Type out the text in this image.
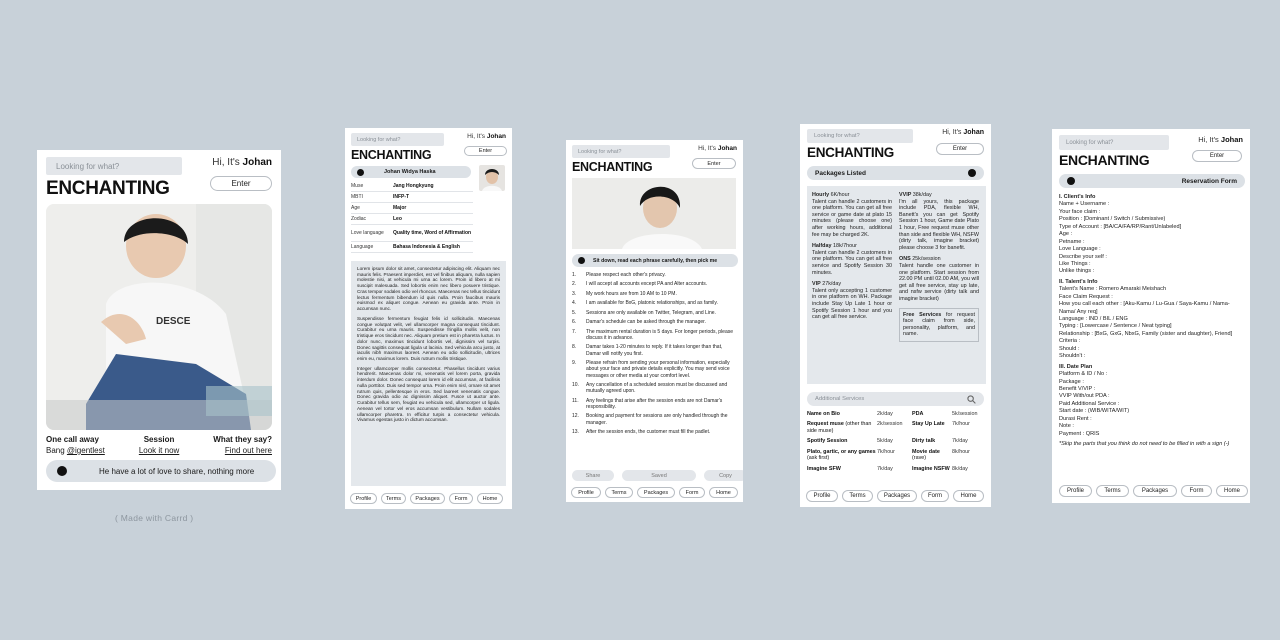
Looking for what?	Hi, It's Johan
ENCHANTING	Enter
DESCE
One call away
Bang @igentlest
Session
Look it now
What they say?
Find out here
He have a lot of love to share, nothing more
( Made with Carrd )
Looking for what?	Hi, It's Johan
ENCHANTING	Enter
Johan Widya Haska
Muse	Jang Hongkyung
MBTI	INFP-T
Age	Major
Zodiac	Leo
Love language	Quality time, Word of Affirmation
Language	Bahasa Indonesia & English

Lorem ipsum dolor sit amet, consectetur adipiscing elit. Aliquam nec mauris felis. Praesent imperdiet, est vel finibus aliquam, nulla sapien molestie nisi, at vehicula mi urna ac lorem. Proin id libero at mi suscipit malesuada. Sed lobortis enim nec libero posuere tristique. Cras tempor sodales odio vel rhoncus. Maecenas nec tellus tincidunt lectus fermentum bibendum id quis nulla. Proin faucibus mauris euismod ex aliquet congue. Aenean eu gravida ante. Proin in accumsan nunc.

Suspendisse fermentum feugiat felis id sollicitudin. Maecenas congue volutpat velit, vel ullamcorper magna consequat tincidunt. Curabitur eu urna mauris. Suspendisse fringilla mollis velit, non tristique eros tincidunt nec. Aliquam pretium est in pharetra luctus. In dolor nunc, maximus tincidunt lobortis vel, dignissim vel turpis. Donec sagittis consequat ligula ut lacinia. Sed vehicula arcu justo, at iaculis nibh maximus laoreet. Aenean eu odio sollicitudin, ultrices enim eu, maximus lorem. Duis rutrum mollis tristique.

Integer ullamcorper mollis consectetur. Phasellus tincidunt varius hendrerit. Maecenas dolor mi, venenatis vel lorem porta, gravida interdum dolor. Donec consequat lorem id elit accumsan, at facilisis nulla porttitor. Duis sed tempor urna. Proin enim nisl, ornare sit amet rutrum quis, pellentesque in eros. Sed laoreet venenatis congue. Donec gravida odio ac dignissim aliquet. Fusce ut auctor ante. Curabitur tellus sem, feugiat eu vehicula sed, ullamcorper ut ligula. Aenean vel tortor vel eros accumsan vestibulum. Nullam sodales ullamcorper pharetra. In efficitur turpis a consectetur vehicula. Vivamus egestas justo in dictum accumsan.

Profile	Terms	Packages	Form	Home
Looking for what?	Hi, It's Johan
ENCHANTING	Enter
Sit down, read each phrase carefully, then pick me
1.	Please respect each other's privacy.
2.	I will accept all accounts except PA and Alter accounts.
3.	My work hours are from 10 AM to 10 PM.
4.	I am available for BxG, platonic relationships, and as family.
5.	Sessions are only available on Twitter, Telegram, and Line.
6.	Damar's schedule can be asked through the manager.
7.	The maximum rental duration is 5 days. For longer periods, please discuss it in advance.
8.	Damar takes 1-20 minutes to reply. If it takes longer than that, Damar will notify you first.
9.	Please refrain from sending your personal information, especially about your face and private details explicitly. You may send voice messages or other media at your comfort level.
10.	Any cancellation of a scheduled session must be discussed and mutually agreed upon.
11.	Any feelings that arise after the session ends are not Damar's responsibility.
12.	Booking and payment for sessions are only handled through the manager.
13.	After the session ends, the customer must fill the padlet.
Share	Saved	Copy
Profile	Terms	Packages	Form	Home
Looking for what?	Hi, It's Johan
ENCHANTING	Enter
Packages Listed

Hourly 6K/hour
Talent can handle 2 customers in one platform. You can get all free service or game date at plato 15 minutes (please choose one) after working hours, additional fee may be charged 2K.

Halfday 18k/7hour
Talent can handle 2 customers in one platform. You can get all free service and Spotify Session 30 minutes.

VIP 27k/day
Talent only accepting 1 customer in one platform on WH. Package include Stay Up Late 1 hour or Spotify Session 1 hour and you can get all free service.

VVIP 38k/day
I'm all yours, this package include PDA, flexible WH, Banett's you can get Spotify Session 1 hour, Game date Plato 1 hour, Free request muse other than side and flexible WH, NSFW (dirty talk, imagine bracket) please choose 3 for banefit.

ONS 25k/session
Talent handle one customer in one platform. Start session from 22.00 PM until 02.00 AM, you will get all free service, stay up late, and nsfw service (dirty talk and imagine bracket)

Free Services for request face claim from side, personality, platform, and name.
Additional Services
Name on Bio	2k/day	PDA	5k/session
Request muse (other than side muse)
2k/session	Stay Up Late	7k/hour
Spotify Session	5k/day	Dirty talk	7k/day
Plato, gartic, or any games (ask first)
7k/hour	Movie date (rave)
8k/hour
Imagine SFW	7k/day	Imagine NSFW 8k/day
Profile	Terms	Packages	Form	Home
Looking for what?	Hi, It's Johan
ENCHANTING	Enter
Reservation Form
I. Client's Info
Name + Username :
Your face claim :
Position : [Dominant / Switch / Submissive)
Type of Account : [BA/CA/FA/RP/Rant/Unlabeled]
Age :
Petname :
Love Language :
Describe your self :
Like Things :
Unlike things :
II. Talent's Info
Talent's Name : Romero Amaraki Meishach
Face Claim Request :
How you call each other : [Aku-Kamu / Lu-Gua / Saya-Kamu / Nama-Nama/ Any req]
Language : IND / BIL / ENG
Typing : [Lowercase / Sentence / Neat typing]
Relationship : [BxG, GxG, NbxG, Family (sister and daughter), Friend]
Criteria :
Should :
Shouldn't :
III. Date Plan
Platform & ID / No :
Package :
Benefit V/VIP :
VVIP With/out PDA :
Paid Additional Service :
Start date : (WIB/WITA/WIT)
Durasi Rent :
Note :
Payment : QRIS
*Skip the parts that you think do not need to be filled in with a sign (-)
Profile	Terms	Packages	Form	Home
